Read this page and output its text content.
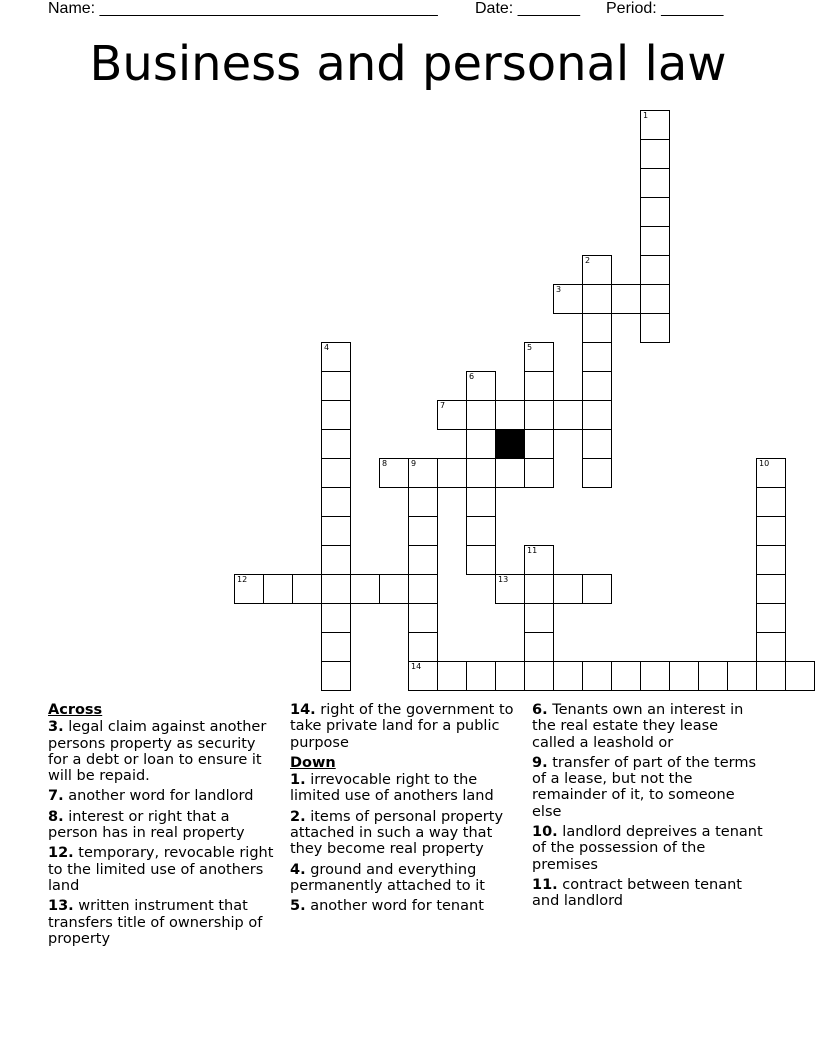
Name: ______________________________________ Date: _______ Period: _______
Business and personal law
3
7
8	9
12	13
14
1
2
4	5
6
10
11
Across
3. legal claim against another persons property as security for a debt or loan to ensure it will be repaid.
7. another word for landlord
8. interest or right that a person has in real property
12. temporary, revocable right to the limited use of anothers land
13. written instrument that transfers title of ownership of property
14. right of the government to take private land for a public purpose
Down
1. irrevocable right to the limited use of anothers land
2. items of personal property attached in such a way that they become real property
4. ground and everything permanently attached to it
5. another word for tenant
6. Tenants own an interest in the real estate they lease called a leashold or
9. transfer of part of the terms of a lease, but not the remainder of it, to someone else
10. landlord depreives a tenant of the possession of the premises
11. contract between tenant and landlord
